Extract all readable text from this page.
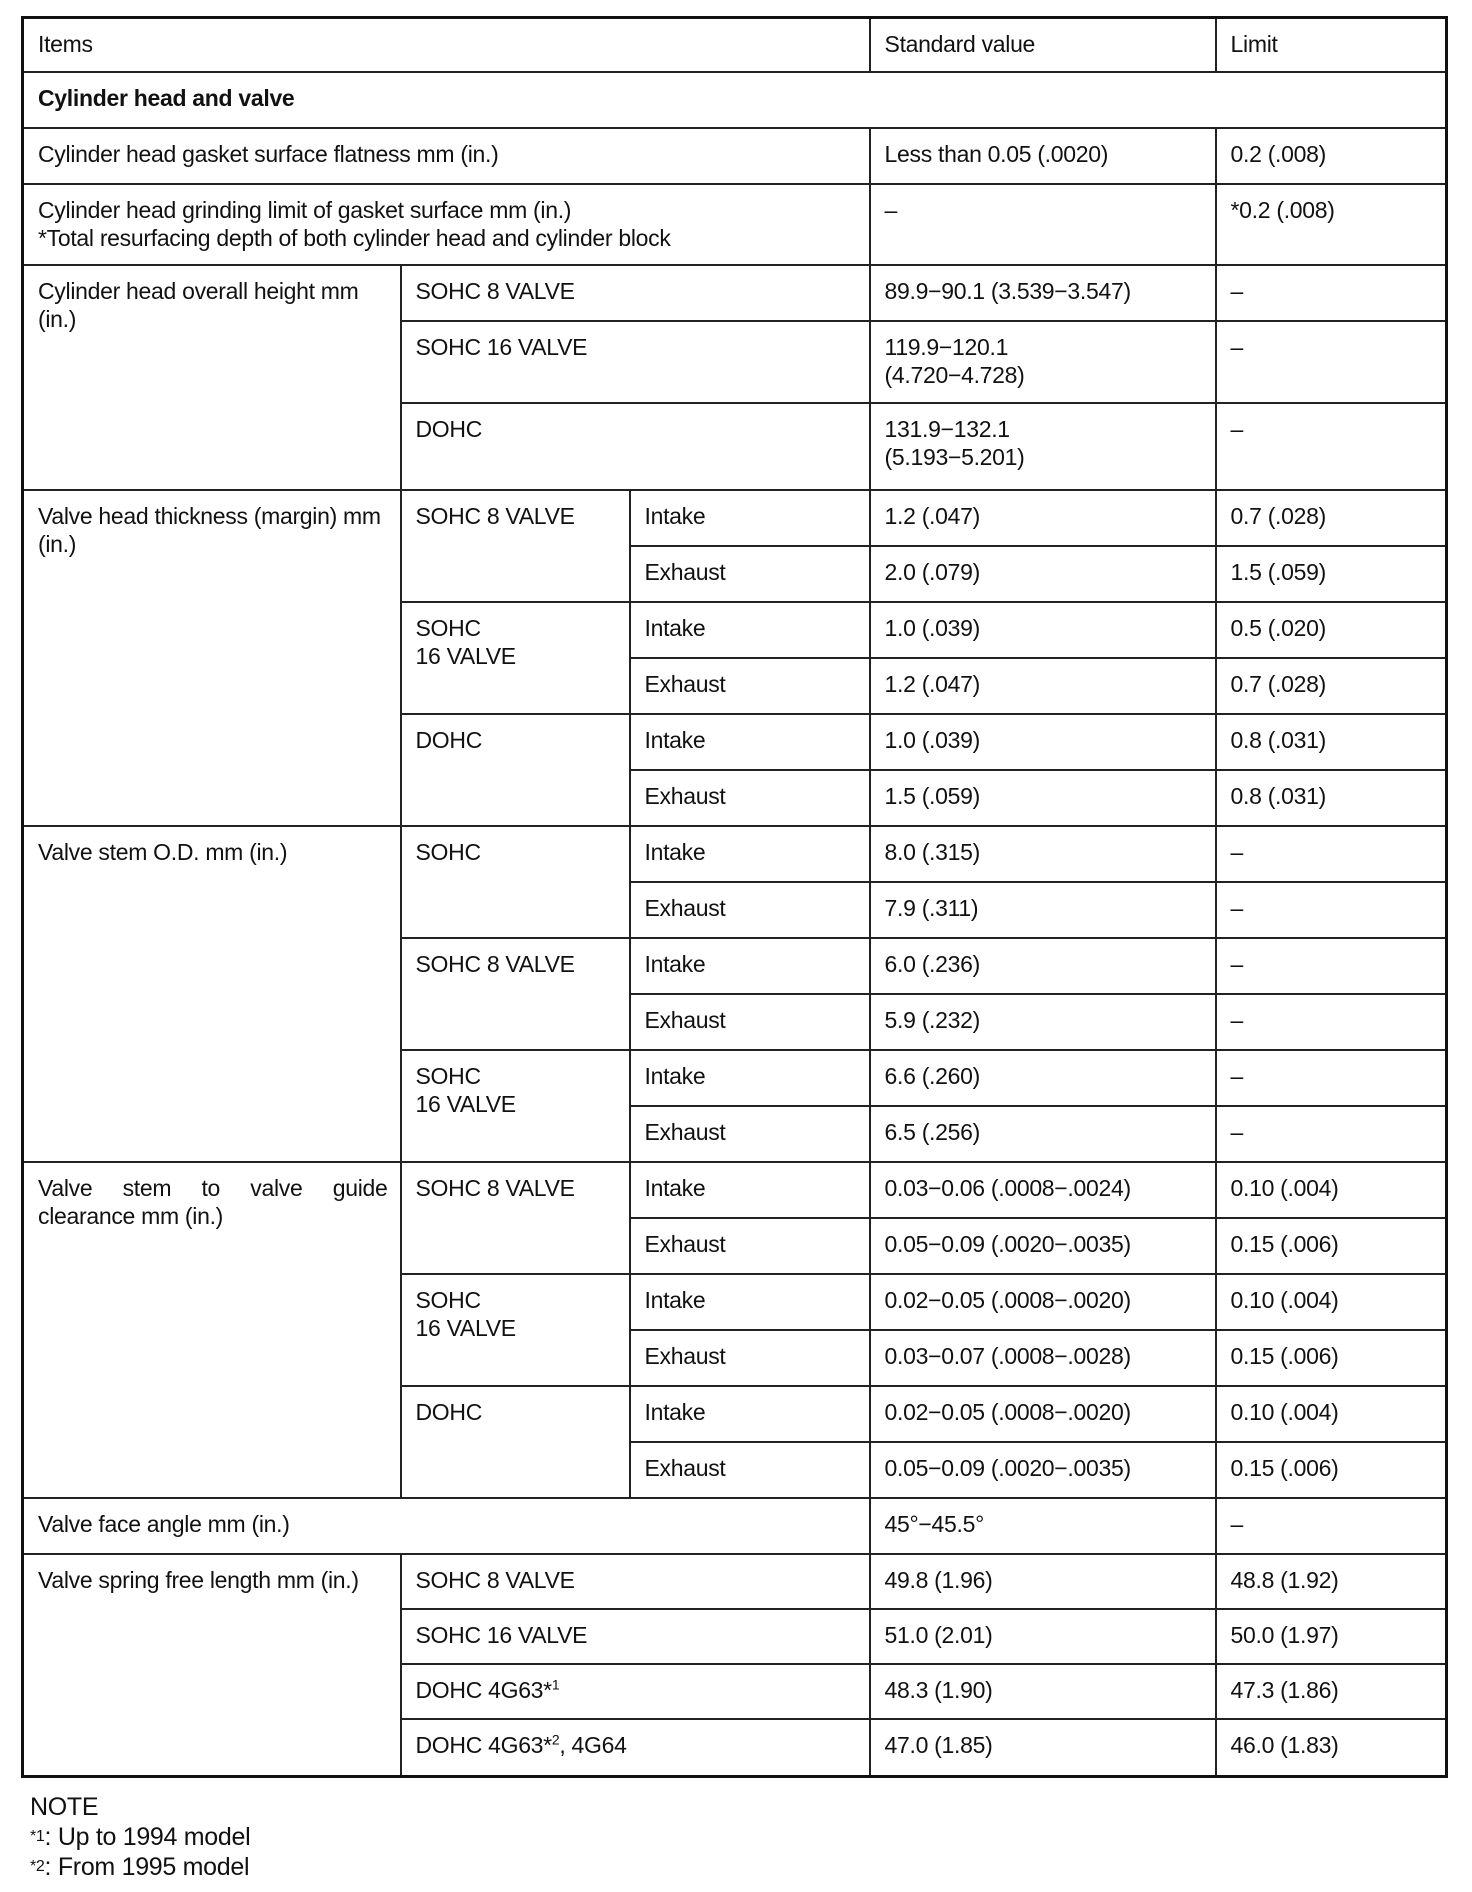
Items			Standard value	Limit
Cylinder head and valve				
Cylinder head gasket surface flatness mm (in.)			Less than 0.05 (.0020)	0.2 (.008)
Cylinder head grinding limit of gasket surface mm (in.)
*Total resurfacing depth of both cylinder head and cylinder block			–	*0.2 (.008)
Cylinder head overall height mm (in.)	SOHC 8 VALVE		89.9−90.1 (3.539−3.547)	–
	SOHC 16 VALVE		119.9−120.1
(4.720−4.728)	–
	DOHC		131.9−132.1
(5.193−5.201)	–
Valve head thickness (margin) mm (in.)	SOHC 8 VALVE	Intake	1.2 (.047)	0.7 (.028)
		Exhaust	2.0 (.079)	1.5 (.059)
	SOHC
16 VALVE	Intake	1.0 (.039)	0.5 (.020)
		Exhaust	1.2 (.047)	0.7 (.028)
	DOHC	Intake	1.0 (.039)	0.8 (.031)
		Exhaust	1.5 (.059)	0.8 (.031)
Valve stem O.D. mm (in.)	SOHC	Intake	8.0 (.315)	–
		Exhaust	7.9 (.311)	–
	SOHC 8 VALVE	Intake	6.0 (.236)	–
		Exhaust	5.9 (.232)	–
	SOHC
16 VALVE	Intake	6.6 (.260)	–
		Exhaust	6.5 (.256)	–
Valve stem to valve guide clearance mm (in.)	SOHC 8 VALVE	Intake	0.03−0.06 (.0008−.0024)	0.10 (.004)
		Exhaust	0.05−0.09 (.0020−.0035)	0.15 (.006)
	SOHC
16 VALVE	Intake	0.02−0.05 (.0008−.0020)	0.10 (.004)
		Exhaust	0.03−0.07 (.0008−.0028)	0.15 (.006)
	DOHC	Intake	0.02−0.05 (.0008−.0020)	0.10 (.004)
		Exhaust	0.05−0.09 (.0020−.0035)	0.15 (.006)
Valve face angle mm (in.)			45°−45.5°	–
Valve spring free length mm (in.)	SOHC 8 VALVE		49.8 (1.96)	48.8 (1.92)
	SOHC 16 VALVE		51.0 (2.01)	50.0 (1.97)
	DOHC 4G63*$^1$		48.3 (1.90)	47.3 (1.86)
	DOHC 4G63*$^2$, 4G64		47.0 (1.85)	46.0 (1.83)
NOTE
$^{*1}$: Up to 1994 model
$^{*2}$: From 1995 model
